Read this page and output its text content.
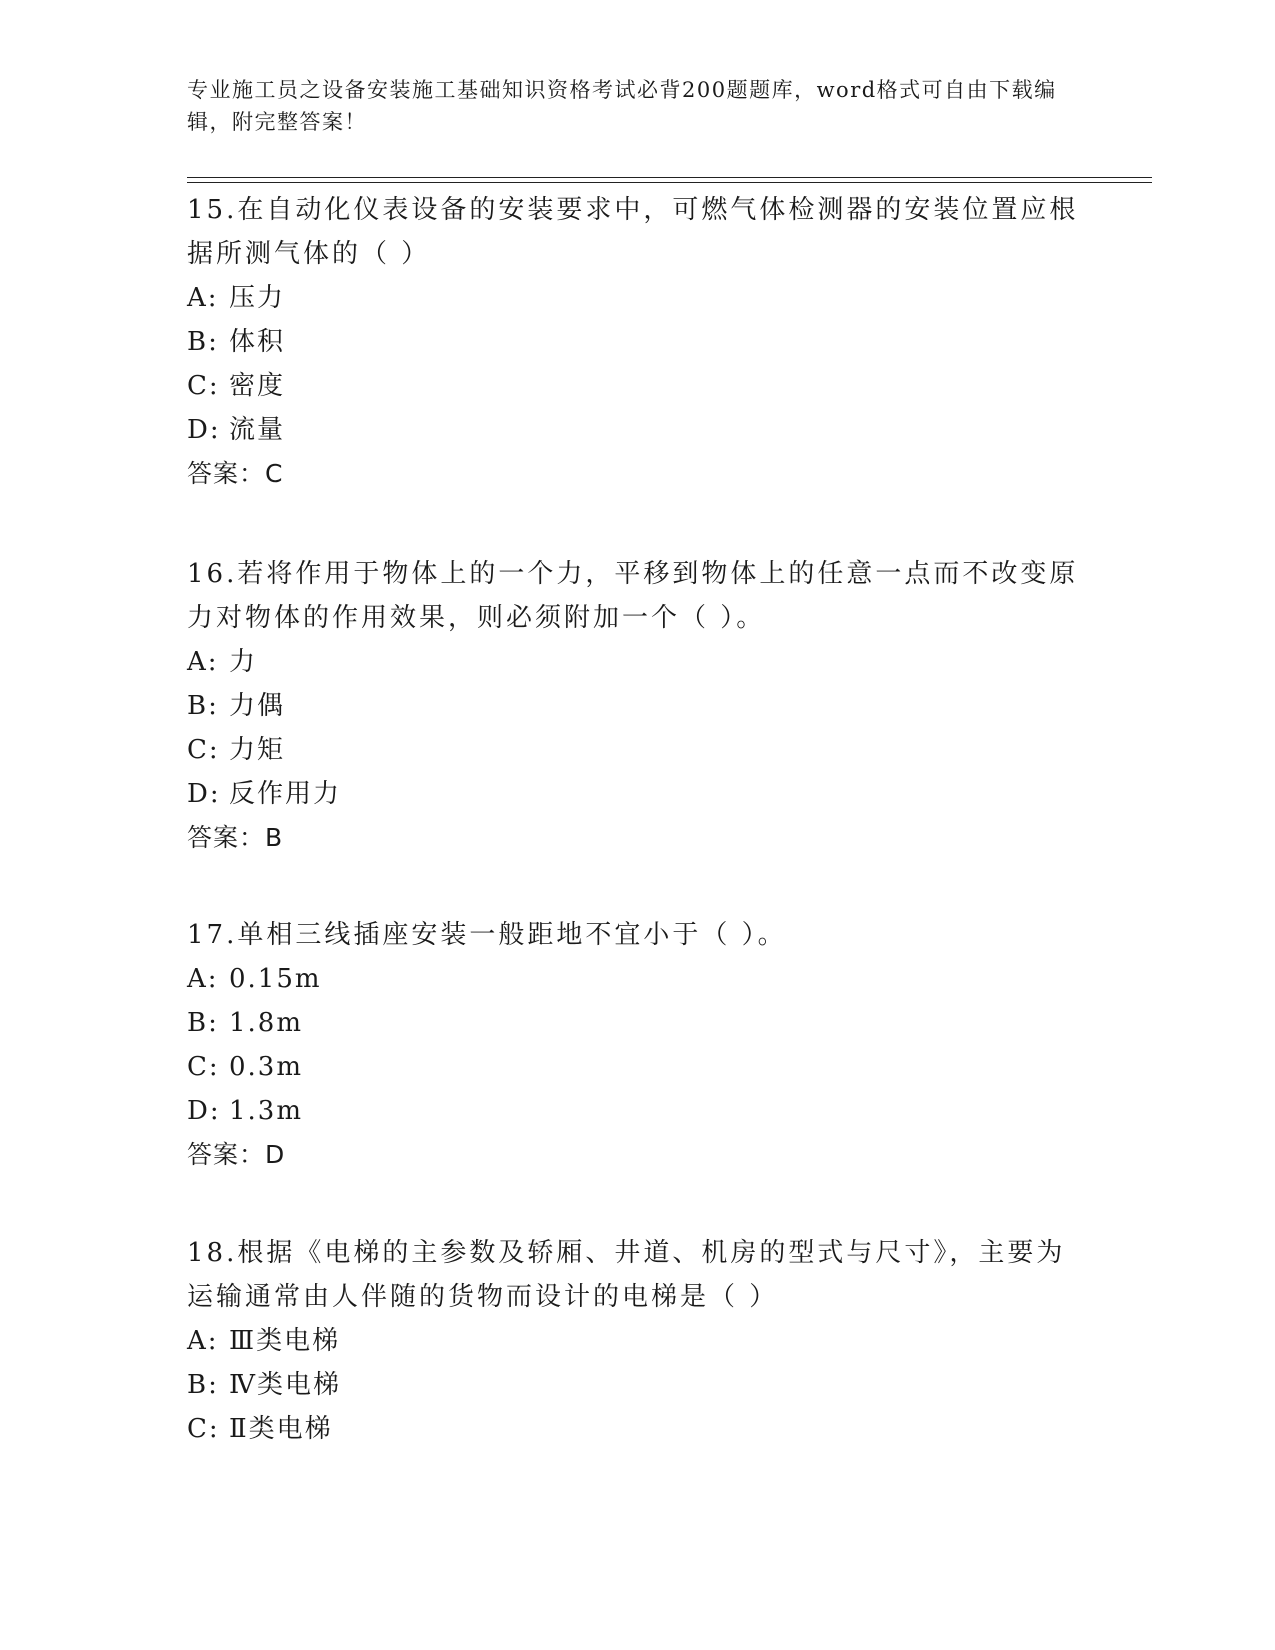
专业施工员之设备安装施工基础知识资格考试必背200题题库，word格式可自由下载编辑，附完整答案！

15.在自动化仪表设备的安装要求中，可燃气体检测器的安装位置应根据所测气体的（ ）

A: 压力

B: 体积

C: 密度

D: 流量

答案：C

16.若将作用于物体上的一个力，平移到物体上的任意一点而不改变原力对物体的作用效果，则必须附加一个（ ）。

A: 力

B: 力偶

C: 力矩

D: 反作用力

答案：B

17.单相三线插座安装一般距地不宜小于（ ）。

A: 0.15m

B: 1.8m

C: 0.3m

D: 1.3m

答案：D

18.根据《电梯的主参数及轿厢、井道、机房的型式与尺寸》，主要为运输通常由人伴随的货物而设计的电梯是（ ）

A: Ⅲ类电梯

B: Ⅳ类电梯

C: Ⅱ类电梯
